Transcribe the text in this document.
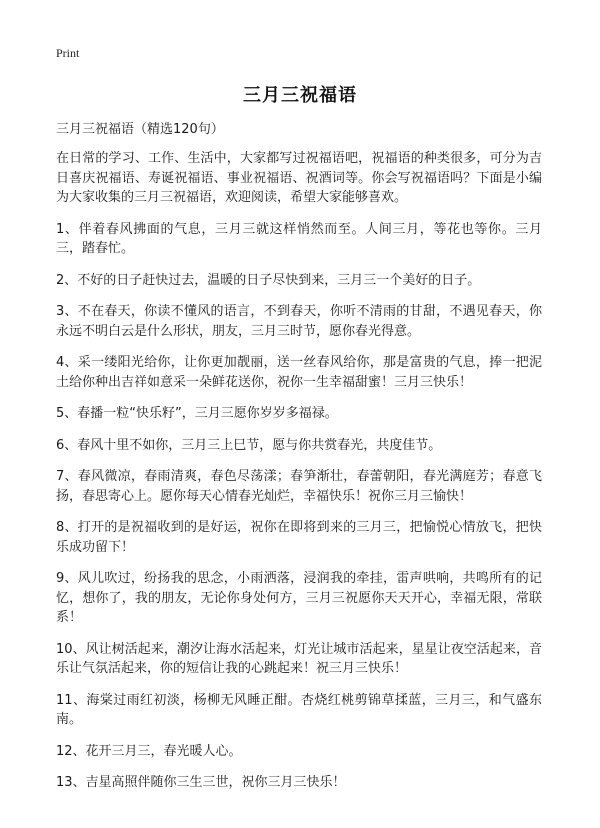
Print
三月三祝福语

三月三祝福语（精选120句）

在日常的学习、工作、生活中，大家都写过祝福语吧，祝福语的种类很多，可分为吉日喜庆祝福语、寿诞祝福语、事业祝福语、祝酒词等。你会写祝福语吗？下面是小编为大家收集的三月三祝福语，欢迎阅读，希望大家能够喜欢。

1、伴着春风拂面的气息，三月三就这样悄然而至。人间三月，等花也等你。三月三，踏春忙。

2、不好的日子赶快过去，温暖的日子尽快到来，三月三一个美好的日子。

3、不在春天，你读不懂风的语言，不到春天，你听不清雨的甘甜，不遇见春天，你永远不明白云是什么形状，朋友，三月三时节，愿你春光得意。

4、采一缕阳光给你，让你更加靓丽，送一丝春风给你，那是富贵的气息，捧一把泥土给你种出吉祥如意采一朵鲜花送你，祝你一生幸福甜蜜！三月三快乐！

5、春播一粒“快乐籽”，三月三愿你岁岁多福禄。

6、春风十里不如你，三月三上巳节，愿与你共赏春光，共度佳节。

7、春风微凉，春雨清爽，春色尽荡漾；春笋渐壮，春蕾朝阳，春光满庭芳；春意飞扬，春思寄心上。愿你每天心情春光灿烂，幸福快乐！祝你三月三愉快！

8、打开的是祝福收到的是好运，祝你在即将到来的三月三，把愉悦心情放飞，把快乐成功留下！

9、风儿吹过，纷扬我的思念，小雨洒落，浸润我的牵挂，雷声哄响，共鸣所有的记忆，想你了，我的朋友，无论你身处何方，三月三祝愿你天天开心，幸福无限，常联系！

10、风让树活起来，潮汐让海水活起来，灯光让城市活起来，星星让夜空活起来，音乐让气氛活起来，你的短信让我的心跳起来！祝三月三快乐！

11、海棠过雨红初淡，杨柳无风睡正酣。杏烧红桃剪锦草揉蓝，三月三，和气盛东南。

12、花开三月三，春光暖人心。

13、吉星高照伴随你三生三世，祝你三月三快乐！
